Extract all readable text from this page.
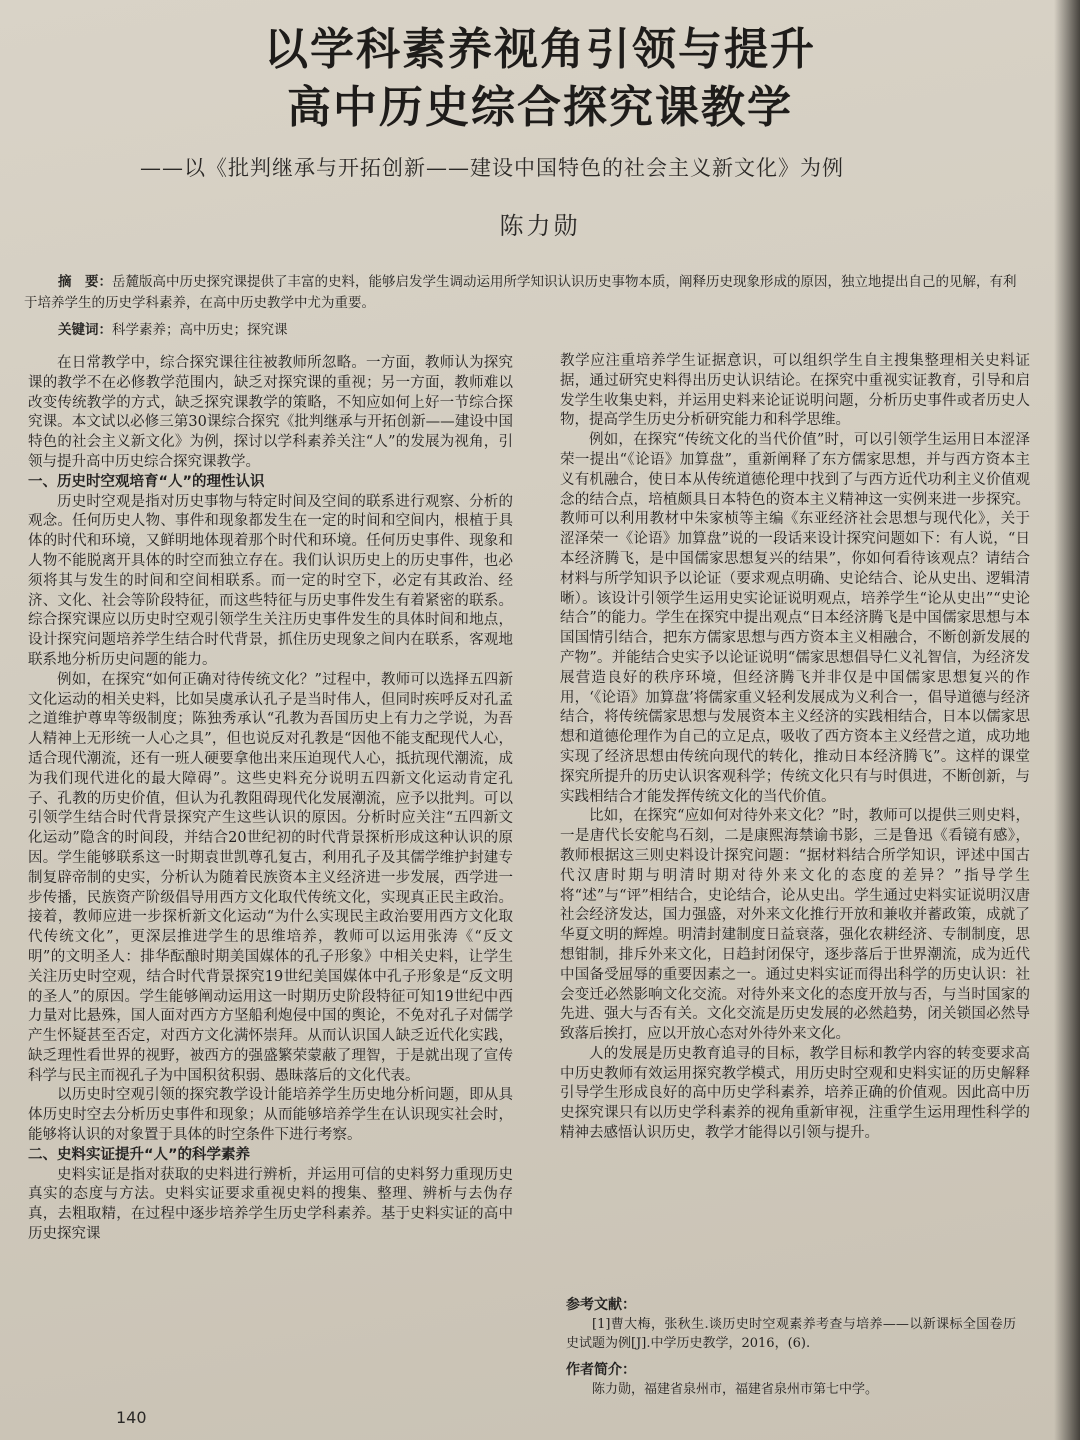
以学科素养视角引领与提升
高中历史综合探究课教学
——以《批判继承与开拓创新——建设中国特色的社会主义新文化》为例
陈力勋

摘　要：岳麓版高中历史探究课提供了丰富的史料，能够启发学生调动运用所学知识认识历史事物本质，阐释历史现象形成的原因，独立地提出自己的见解，有利于培养学生的历史学科素养，在高中历史教学中尤为重要。

关键词：科学素养；高中历史；探究课

在日常教学中，综合探究课往往被教师所忽略。一方面，教师认为探究课的教学不在必修教学范围内，缺乏对探究课的重视；另一方面，教师难以改变传统教学的方式，缺乏探究课教学的策略，不知应如何上好一节综合探究课。本文试以必修三第30课综合探究《批判继承与开拓创新——建设中国特色的社会主义新文化》为例，探讨以学科素养关注“人”的发展为视角，引领与提升高中历史综合探究课教学。

一、历史时空观培育“人”的理性认识

历史时空观是指对历史事物与特定时间及空间的联系进行观察、分析的观念。任何历史人物、事件和现象都发生在一定的时间和空间内，根植于具体的时代和环境，又鲜明地体现着那个时代和环境。任何历史事件、现象和人物不能脱离开具体的时空而独立存在。我们认识历史上的历史事件，也必须将其与发生的时间和空间相联系。而一定的时空下，必定有其政治、经济、文化、社会等阶段特征，而这些特征与历史事件发生有着紧密的联系。综合探究课应以历史时空观引领学生关注历史事件发生的具体时间和地点，设计探究问题培养学生结合时代背景，抓住历史现象之间内在联系，客观地联系地分析历史问题的能力。

例如，在探究“如何正确对待传统文化？”过程中，教师可以选择五四新文化运动的相关史料，比如吴虞承认孔子是当时伟人，但同时疾呼反对孔孟之道维护尊卑等级制度；陈独秀承认“孔教为吾国历史上有力之学说，为吾人精神上无形统一人心之具”，但也说反对孔教是“因他不能支配现代人心，适合现代潮流，还有一班人硬要拿他出来压迫现代人心，抵抗现代潮流，成为我们现代进化的最大障碍”。这些史料充分说明五四新文化运动肯定孔子、孔教的历史价值，但认为孔教阻碍现代化发展潮流，应予以批判。可以引领学生结合时代背景探究产生这些认识的原因。分析时应关注“五四新文化运动”隐含的时间段，并结合20世纪初的时代背景探析形成这种认识的原因。学生能够联系这一时期袁世凯尊孔复古，利用孔子及其儒学维护封建专制复辟帝制的史实，分析认为随着民族资本主义经济进一步发展，西学进一步传播，民族资产阶级倡导用西方文化取代传统文化，实现真正民主政治。接着，教师应进一步探析新文化运动“为什么实现民主政治要用西方文化取代传统文化”，更深层推进学生的思维培养，教师可以运用张涛《“反文明”的文明圣人：排华酝酿时期美国媒体的孔子形象》中相关史料，让学生关注历史时空观，结合时代背景探究19世纪美国媒体中孔子形象是“反文明的圣人”的原因。学生能够阐动运用这一时期历史阶段特征可知19世纪中西力量对比悬殊，国人面对西方方坚船利炮侵中国的舆论，不免对孔子对儒学产生怀疑甚至否定，对西方文化满怀崇拜。从而认识国人缺乏近代化实践，缺乏理性看世界的视野，被西方的强盛繁荣蒙蔽了理智，于是就出现了宣传科学与民主而视孔子为中国积贫积弱、愚昧落后的文化代表。

以历史时空观引领的探究教学设计能培养学生历史地分析问题，即从具体历史时空去分析历史事件和现象；从而能够培养学生在认识现实社会时，能够将认识的对象置于具体的时空条件下进行考察。

二、史料实证提升“人”的科学素养

史料实证是指对获取的史料进行辨析，并运用可信的史料努力重现历史真实的态度与方法。史料实证要求重视史料的搜集、整理、辨析与去伪存真，去粗取精，在过程中逐步培养学生历史学科素养。基于史料实证的高中历史探究课

教学应注重培养学生证据意识，可以组织学生自主搜集整理相关史料证据，通过研究史料得出历史认识结论。在探究中重视实证教育，引导和启发学生收集史料，并运用史料来论证说明问题，分析历史事件或者历史人物，提高学生历史分析研究能力和科学思维。

例如，在探究“传统文化的当代价值”时，可以引领学生运用日本涩泽荣一提出“《论语》加算盘”，重新阐释了东方儒家思想，并与西方资本主义有机融合，使日本从传统道德伦理中找到了与西方近代功利主义价值观念的结合点，培植颇具日本特色的资本主义精神这一实例来进一步探究。教师可以利用教材中朱家桢等主编《东亚经济社会思想与现代化》，关于涩泽荣一《论语》加算盘”说的一段话来设计探究问题如下：有人说，“日本经济腾飞，是中国儒家思想复兴的结果”，你如何看待该观点？请结合材料与所学知识予以论证（要求观点明确、史论结合、论从史出、逻辑清晰）。该设计引领学生运用史实论证说明观点，培养学生“论从史出”“史论结合”的能力。学生在探究中提出观点“日本经济腾飞是中国儒家思想与本国国情引结合，把东方儒家思想与西方资本主义相融合，不断创新发展的产物”。并能结合史实予以论证说明“儒家思想倡导仁义礼智信，为经济发展营造良好的秩序环境，但经济腾飞并非仅是中国儒家思想复兴的作用，‘《论语》加算盘’将儒家重义轻利发展成为义利合一，倡导道德与经济结合，将传统儒家思想与发展资本主义经济的实践相结合，日本以儒家思想和道德伦理作为自己的立足点，吸收了西方资本主义经营之道，成功地实现了经济思想由传统向现代的转化，推动日本经济腾飞”。这样的课堂探究所提升的历史认识客观科学；传统文化只有与时俱进，不断创新，与实践相结合才能发挥传统文化的当代价值。

比如，在探究“应如何对待外来文化？”时，教师可以提供三则史料，一是唐代长安舵鸟石刻，二是康熙海禁谕书影，三是鲁迅《看镜有感》，教师根据这三则史料设计探究问题：“据材料结合所学知识，评述中国古代汉唐时期与明清时期对待外来文化的态度的差异？”指导学生将“述”与“评”相结合，史论结合，论从史出。学生通过史料实证说明汉唐社会经济发达，国力强盛，对外来文化推行开放和兼收并蓄政策，成就了华夏文明的辉煌。明清封建制度日益衰落，强化农耕经济、专制制度，思想钳制，排斥外来文化，日趋封闭保守，逐步落后于世界潮流，成为近代中国备受屈辱的重要因素之一。通过史料实证而得出科学的历史认识：社会变迁必然影响文化交流。对待外来文化的态度开放与否，与当时国家的先进、强大与否有关。文化交流是历史发展的必然趋势，闭关锁国必然导致落后挨打，应以开放心态对外待外来文化。

人的发展是历史教育追寻的目标，教学目标和教学内容的转变要求高中历史教师有效运用探究教学模式，用历史时空观和史料实证的历史解释引导学生形成良好的高中历史学科素养，培养正确的价值观。因此高中历史探究课只有以历史学科素养的视角重新审视，注重学生运用理性科学的精神去感悟认识历史，教学才能得以引领与提升。

参考文献：
[1]曹大梅，张秋生.谈历史时空观素养考查与培养——以新课标全国卷历史试题为例[J].中学历史教学，2016，(6).
作者简介：
陈力勋，福建省泉州市，福建省泉州市第七中学。
140
